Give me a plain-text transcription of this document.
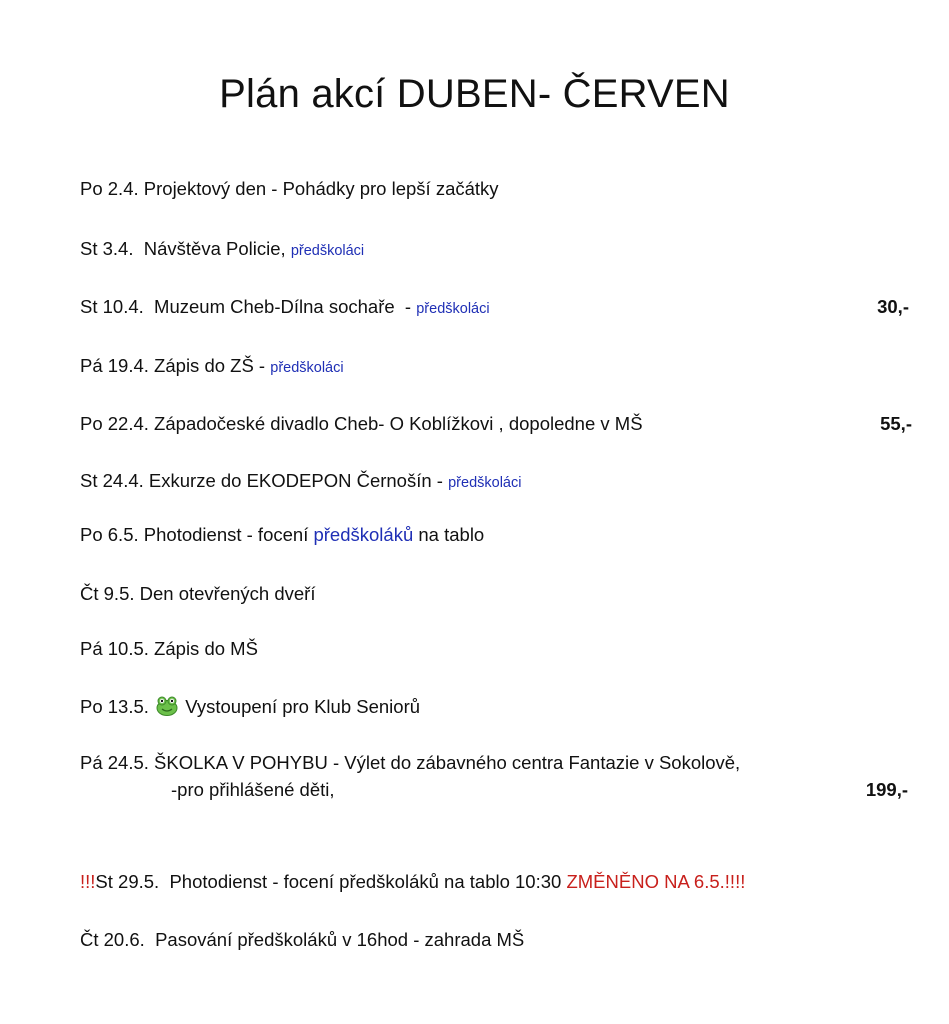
Plán akcí DUBEN- ČERVEN
Po 2.4. Projektový den - Pohádky pro lepší začátky
St 3.4.  Návštěva Policie, předškoláci
St 10.4.  Muzeum Cheb-Dílna sochaře  - předškoláci	30,-
Pá 19.4. Zápis do ZŠ - předškoláci
Po 22.4. Západočeské divadlo Cheb- O Koblížkovi , dopoledne v MŠ	55,-
St 24.4. Exkurze do EKODEPON Černošín - předškoláci
Po 6.5. Photodienst - focení předškoláků na tablo
Čt 9.5. Den otevřených dveří
Pá 10.5. Zápis do MŠ
Po 13.5.  Vystoupení pro Klub Seniorů
Pá 24.5. ŠKOLKA V POHYBU - Výlet do zábavného centra Fantazie v Sokolově,
-pro přihlášené děti,	199,-
!!!St 29.5.  Photodienst - focení předškoláků na tablo 10:30 ZMĚNĚNO NA 6.5.!!!!
Čt 20.6.  Pasování předškoláků v 16hod - zahrada MŠ
